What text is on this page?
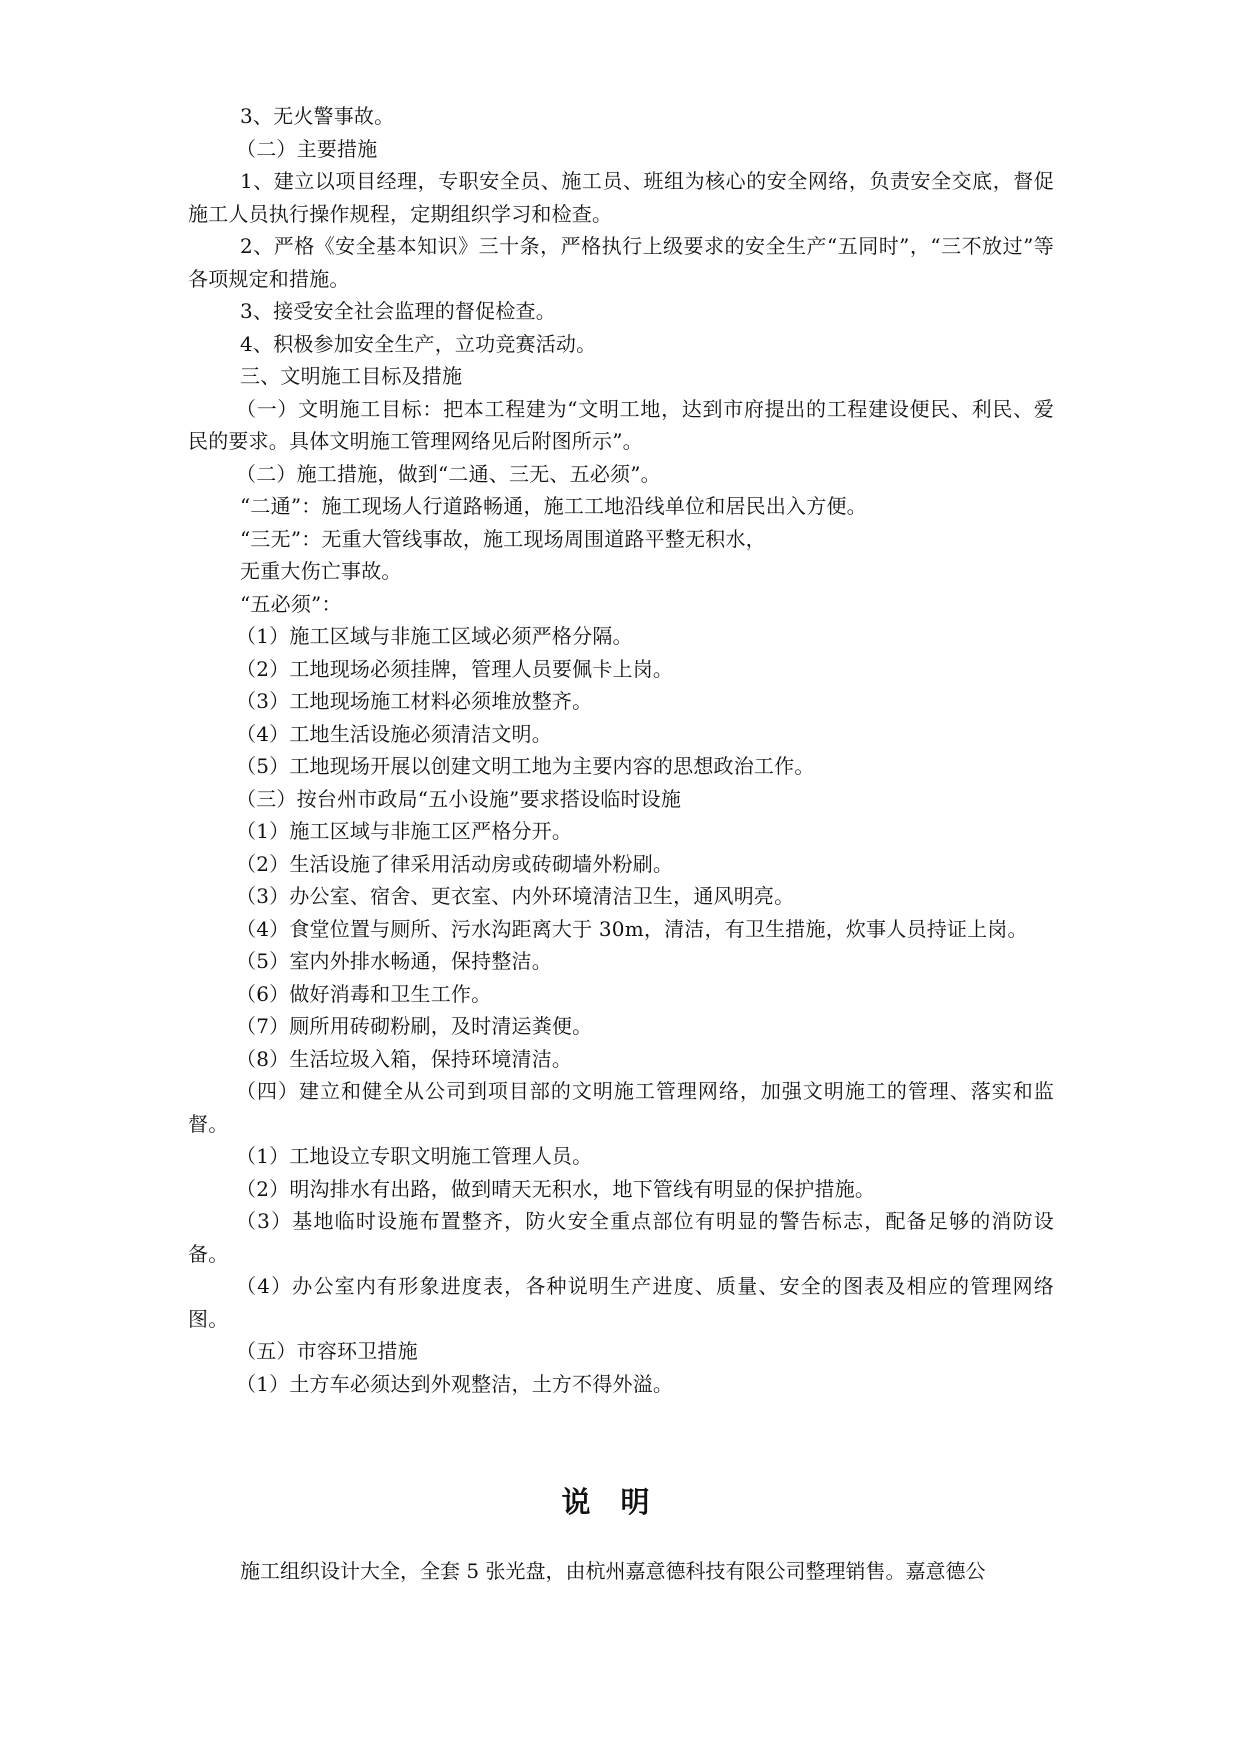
3、无火警事故。

（二）主要措施

1、建立以项目经理，专职安全员、施工员、班组为核心的安全网络，负责安全交底，督促施工人员执行操作规程，定期组织学习和检查。

2、严格《安全基本知识》三十条，严格执行上级要求的安全生产“五同时”，“三不放过”等各项规定和措施。

3、接受安全社会监理的督促检查。

4、积极参加安全生产，立功竞赛活动。

三、文明施工目标及措施

（一）文明施工目标：把本工程建为“文明工地，达到市府提出的工程建设便民、利民、爱民的要求。具体文明施工管理网络见后附图所示”。

（二）施工措施，做到“二通、三无、五必须”。

“二通”：施工现场人行道路畅通，施工工地沿线单位和居民出入方便。

“三无”：无重大管线事故，施工现场周围道路平整无积水，

无重大伤亡事故。

“五必须”：

（1）施工区域与非施工区域必须严格分隔。

（2）工地现场必须挂牌，管理人员要佩卡上岗。

（3）工地现场施工材料必须堆放整齐。

（4）工地生活设施必须清洁文明。

（5）工地现场开展以创建文明工地为主要内容的思想政治工作。

（三）按台州市政局“五小设施”要求搭设临时设施

（1）施工区域与非施工区严格分开。

（2）生活设施了律采用活动房或砖砌墙外粉刷。

（3）办公室、宿舍、更衣室、内外环境清洁卫生，通风明亮。

（4）食堂位置与厕所、污水沟距离大于 30m，清洁，有卫生措施，炊事人员持证上岗。

（5）室内外排水畅通，保持整洁。

（6）做好消毒和卫生工作。

（7）厕所用砖砌粉刷，及时清运粪便。

（8）生活垃圾入箱，保持环境清洁。

（四）建立和健全从公司到项目部的文明施工管理网络，加强文明施工的管理、落实和监督。

（1）工地设立专职文明施工管理人员。

（2）明沟排水有出路，做到晴天无积水，地下管线有明显的保护措施。

（3）基地临时设施布置整齐，防火安全重点部位有明显的警告标志，配备足够的消防设备。

（4）办公室内有形象进度表，各种说明生产进度、质量、安全的图表及相应的管理网络图。

（五）市容环卫措施

（1）土方车必须达到外观整洁，土方不得外溢。

说明

施工组织设计大全，全套 5 张光盘，由杭州嘉意德科技有限公司整理销售。嘉意德公
